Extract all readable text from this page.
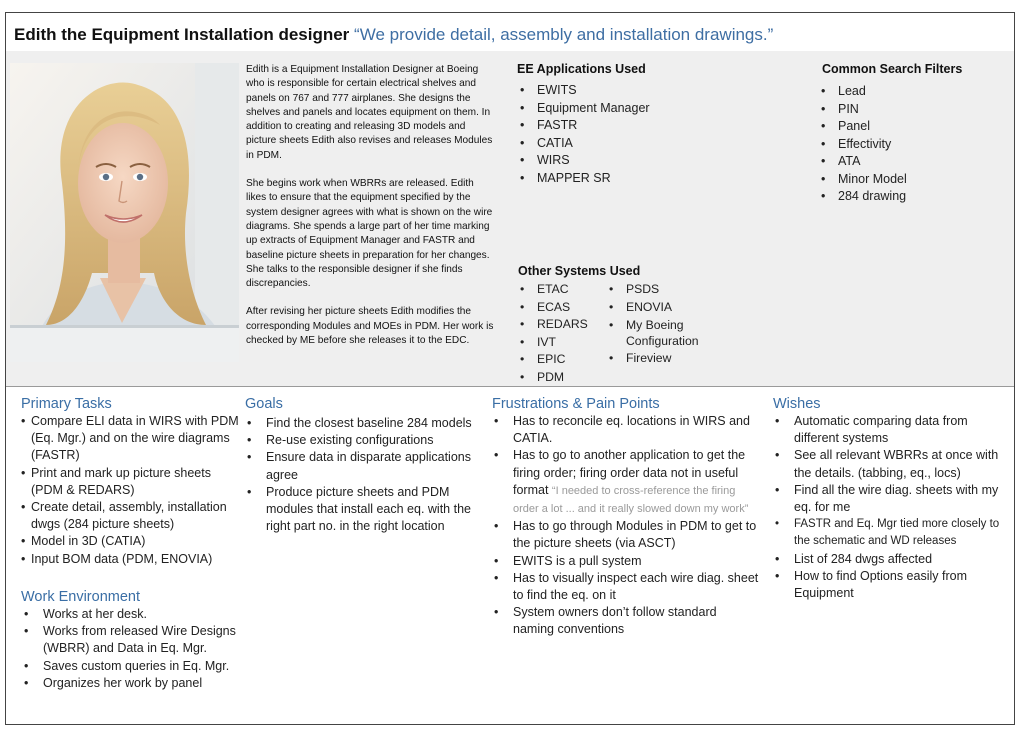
Edith the Equipment Installation designer “We provide detail, assembly and installation drawings.”

Edith is a Equipment Installation Designer at Boeing who is responsible for certain electrical shelves and panels on 767 and 777 airplanes. She designs the shelves and panels and locates equipment on them. In addition to creating and releasing 3D models and picture sheets Edith also revises and releases Modules in PDM.

She begins work when WBRRs are released. Edith likes to ensure that the equipment specified by the system designer agrees with what is shown on the wire diagrams. She spends a large part of her time marking up extracts of Equipment Manager and FASTR and baseline picture sheets in preparation for her changes. She talks to the responsible designer if she finds discrepancies.

After revising her picture sheets Edith modifies the corresponding Modules and MOEs in PDM. Her work is checked by ME before she releases it to the EDC.

EE Applications Used
• EWITS
• Equipment Manager
• FASTR
• CATIA
• WIRS
• MAPPER SR
Common Search Filters
• Lead
• PIN
• Panel
• Effectivity
• ATA
• Minor Model
• 284 drawing
Other Systems Used
• ETAC
• ECAS
• REDARS
• IVT
• EPIC
• PDM
• PSDS
• ENOVIA
• My Boeing Configuration
• Fireview
Primary Tasks
• Compare ELI data in WIRS with PDM (Eq. Mgr.) and on the wire diagrams (FASTR)
• Print and mark up picture sheets (PDM & REDARS)
• Create detail, assembly, installation dwgs (284 picture sheets)
• Model in 3D (CATIA)
• Input BOM data (PDM, ENOVIA)
Work Environment
• Works at her desk.
• Works from released Wire Designs (WBRR) and Data in Eq. Mgr.
• Saves custom queries in Eq. Mgr.
• Organizes her work by panel
Goals
• Find the closest baseline 284 models
• Re-use existing configurations
• Ensure data in disparate applications agree
• Produce picture sheets and PDM modules that install each eq. with the right part no. in the right location
Frustrations & Pain Points
• Has to reconcile eq. locations in WIRS and CATIA.
• Has to go to another application to get the firing order; firing order data not in useful format “I needed to cross-reference the firing order a lot ... and it really slowed down my work”
• Has to go through Modules in PDM to get to the picture sheets (via ASCT)
• EWITS is a pull system
• Has to visually inspect each wire diag. sheet to find the eq. on it
• System owners don’t follow standard naming conventions
Wishes
• Automatic comparing data from different systems
• See all relevant WBRRs at once with the details. (tabbing, eq., locs)
• Find all the wire diag. sheets with my eq. for me
• FASTR and Eq. Mgr tied more closely to the schematic and WD releases
• List of 284 dwgs affected
• How to find Options easily from Equipment
